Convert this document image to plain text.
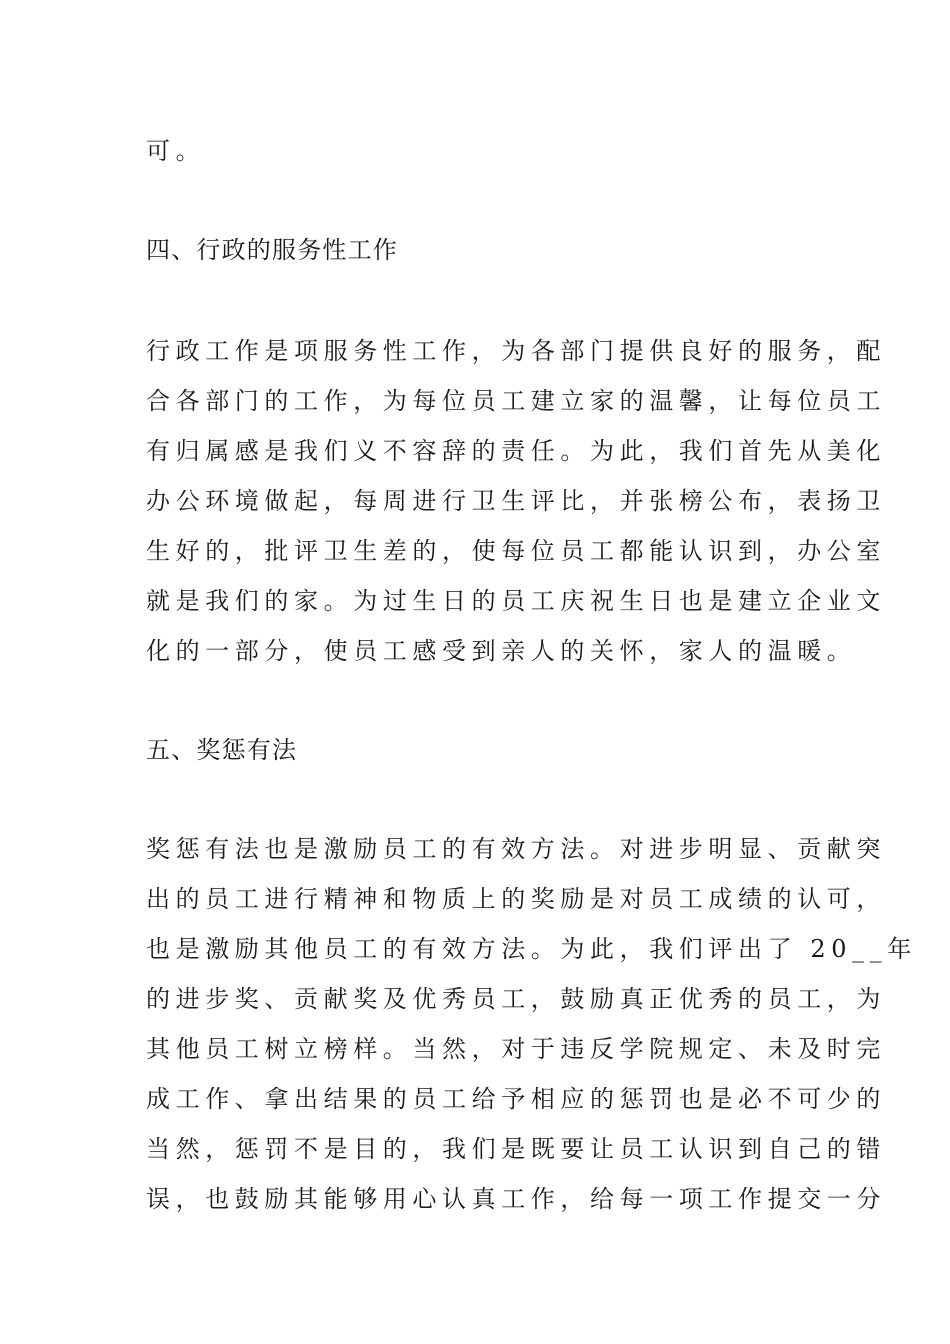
可。

四、行政的服务性工作

行政工作是项服务性工作，为各部门提供良好的服务，配

合各部门的工作，为每位员工建立家的温馨，让每位员工

有归属感是我们义不容辞的责任。为此，我们首先从美化

办公环境做起，每周进行卫生评比，并张榜公布，表扬卫

生好的，批评卫生差的，使每位员工都能认识到，办公室

就是我们的家。为过生日的员工庆祝生日也是建立企业文

化的一部分，使员工感受到亲人的关怀，家人的温暖。

五、奖惩有法

奖惩有法也是激励员工的有效方法。对进步明显、贡献突

出的员工进行精神和物质上的奖励是对员工成绩的认可，

也是激励其他员工的有效方法。为此，我们评出了 20__年

的进步奖、贡献奖及优秀员工，鼓励真正优秀的员工，为

其他员工树立榜样。当然，对于违反学院规定、未及时完

成工作、拿出结果的员工给予相应的惩罚也是必不可少的

当然，惩罚不是目的，我们是既要让员工认识到自己的错

误，也鼓励其能够用心认真工作，给每一项工作提交一分
